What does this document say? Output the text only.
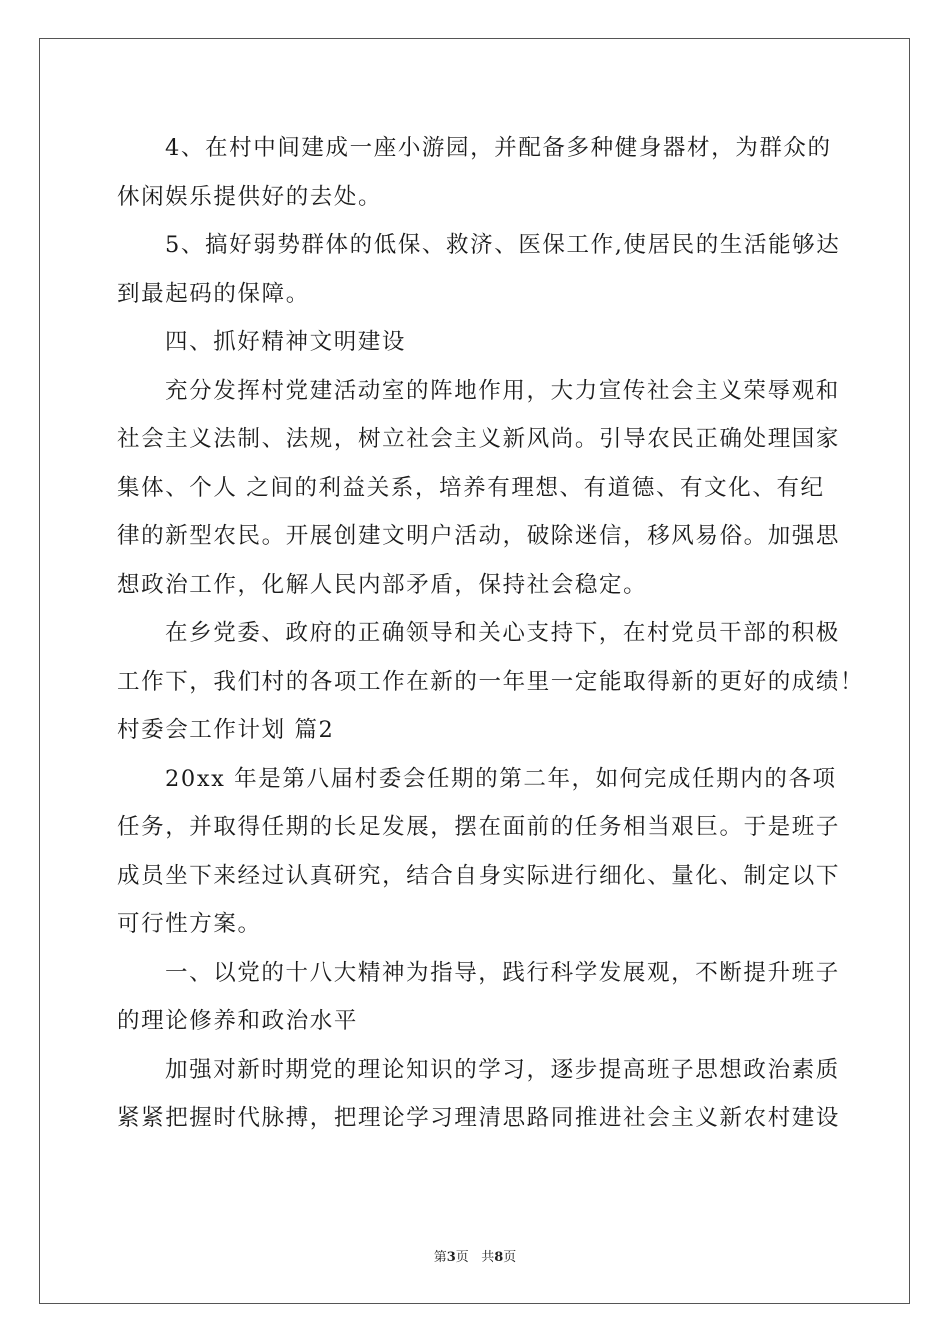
4、在村中间建成一座小游园，并配备多种健身器材，为群众的
休闲娱乐提供好的去处。
5、搞好弱势群体的低保、救济、医保工作,使居民的生活能够达
到最起码的保障。
四、抓好精神文明建设
充分发挥村党建活动室的阵地作用，大力宣传社会主义荣辱观和
社会主义法制、法规，树立社会主义新风尚。引导农民正确处理国家
集体、个人 之间的利益关系，培养有理想、有道德、有文化、有纪
律的新型农民。开展创建文明户活动，破除迷信，移风易俗。加强思
想政治工作，化解人民内部矛盾，保持社会稳定。
在乡党委、政府的正确领导和关心支持下，在村党员干部的积极
工作下，我们村的各项工作在新的一年里一定能取得新的更好的成绩！
村委会工作计划 篇2
20xx 年是第八届村委会任期的第二年，如何完成任期内的各项
任务，并取得任期的长足发展，摆在面前的任务相当艰巨。于是班子
成员坐下来经过认真研究，结合自身实际进行细化、量化、制定以下
可行性方案。
一、以党的十八大精神为指导，践行科学发展观，不断提升班子
的理论修养和政治水平
加强对新时期党的理论知识的学习，逐步提高班子思想政治素质
紧紧把握时代脉搏，把理论学习理清思路同推进社会主义新农村建设
第3页 共8页
